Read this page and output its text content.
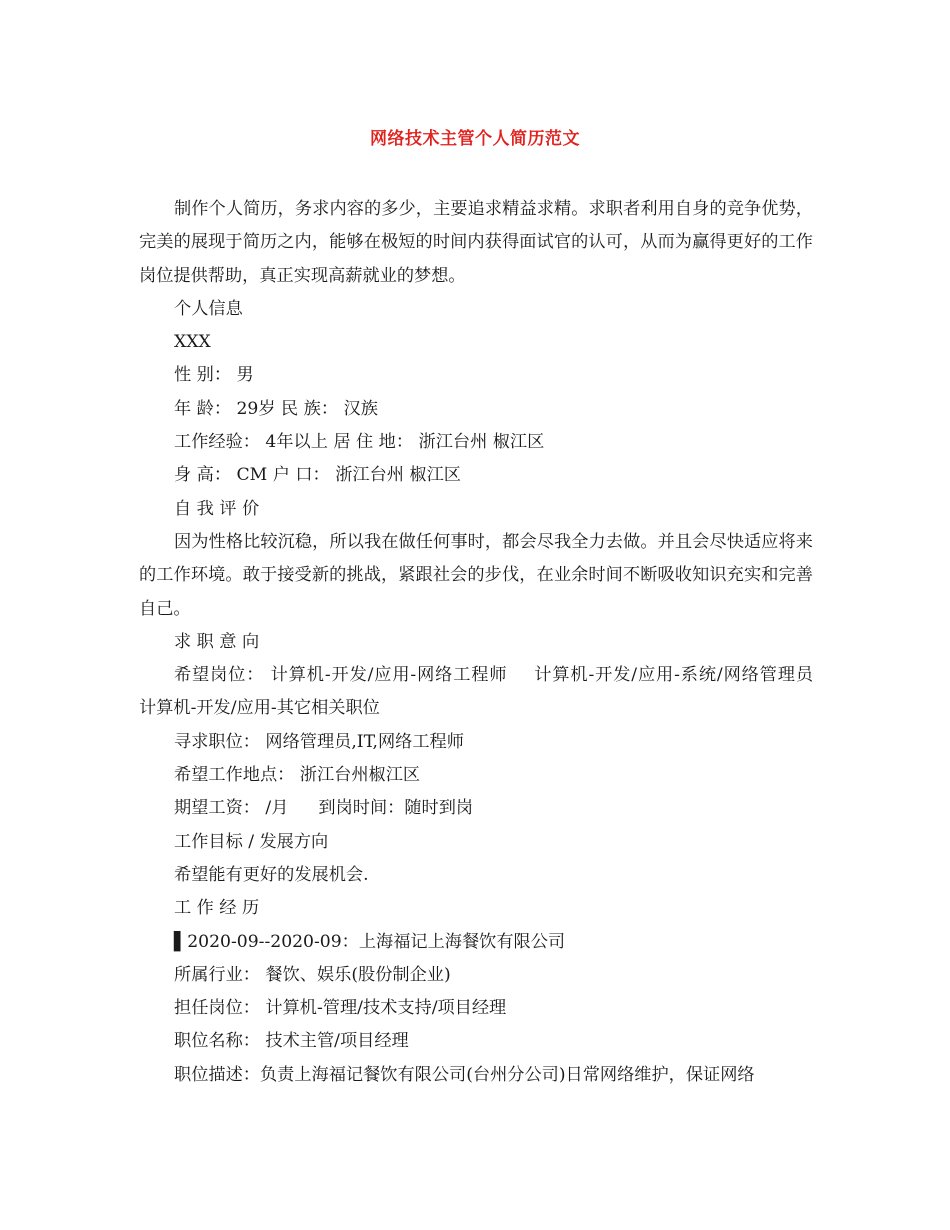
网络技术主管个人简历范文

制作个人简历，务求内容的多少，主要追求精益求精。求职者利用自身的竞争优势，完美的展现于简历之内，能够在极短的时间内获得面试官的认可，从而为赢得更好的工作岗位提供帮助，真正实现高薪就业的梦想。

个人信息

XXX

性 别： 男

年 龄： 29岁 民 族： 汉族

工作经验： 4年以上 居 住 地： 浙江台州 椒江区

身 高： CM 户 口： 浙江台州 椒江区

自 我 评 价

因为性格比较沉稳，所以我在做任何事时，都会尽我全力去做。并且会尽快适应将来的工作环境。敢于接受新的挑战，紧跟社会的步伐，在业余时间不断吸收知识充实和完善自己。

求 职 意 向

希望岗位： 计算机-开发/应用-网络工程师 计算机-开发/应用-系统/网络管理员    计算机-开发/应用-其它相关职位

寻求职位： 网络管理员,IT,网络工程师

希望工作地点： 浙江台州椒江区

期望工资： /月 到岗时间：随时到岗

工作目标 / 发展方向

希望能有更好的发展机会.

工 作 经 历

▌2020-09--2020-09：上海福记上海餐饮有限公司

所属行业： 餐饮、娱乐(股份制企业)

担任岗位： 计算机-管理/技术支持/项目经理

职位名称： 技术主管/项目经理

职位描述：负责上海福记餐饮有限公司(台州分公司)日常网络维护，保证网络
